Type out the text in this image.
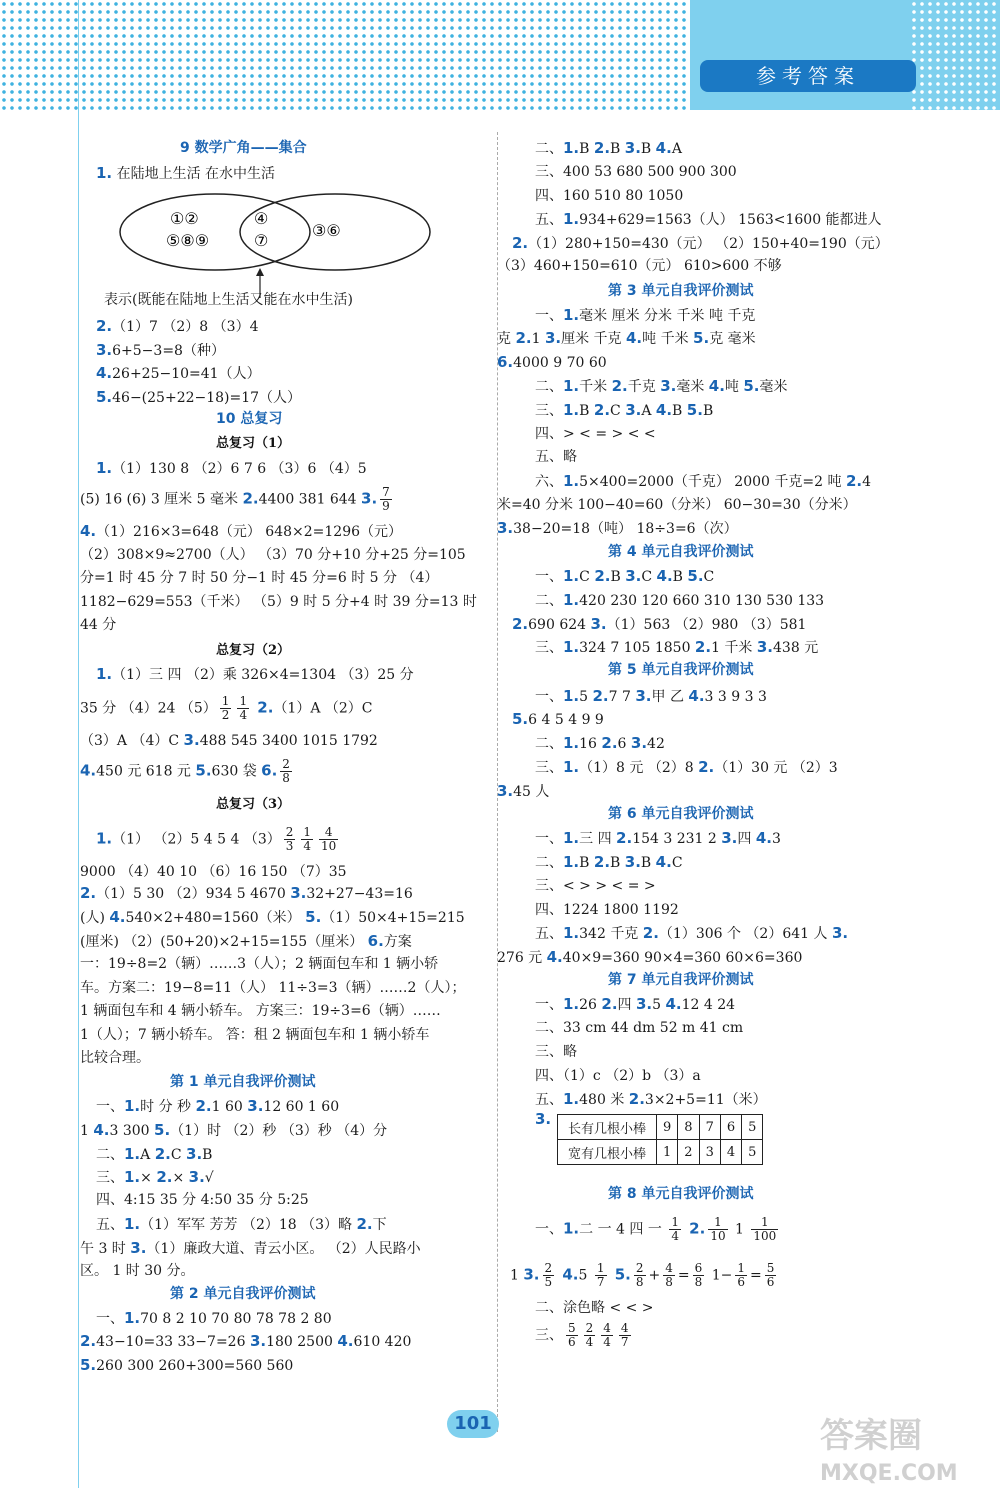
参考答案
9 数学广角——集合
1. 在陆地上生活 在水中生活
表示(既能在陆地上生活又能在水中生活)
2.（1）7 （2）8 （3）4
3.6+5−3=8（种）
4.26+25−10=41（人）
5.46−(25+22−18)=17（人）
10 总复习
总复习（1）
1.（1）130 8 （2）6 7 6 （3）6 （4）5
(5) 16 (6) 3 厘米 5 毫米 2.4400 381 644 3. $\frac{7}{9}$
4.（1）216×3=648（元） 648×2=1296（元）
（2）308×9≈2700（人） （3）70 分+10 分+25 分=105
分=1 时 45 分 7 时 50 分−1 时 45 分=6 时 5 分 （4）
1182−629=553（千米） （5）9 时 5 分+4 时 39 分=13 时
44 分
总复习（2）
1.（1）三 四 （2）乘 326×4=1304 （3）25 分
35 分 （4）24 $(5) \frac{1}{2} \frac{1}{4} 2.(1)A$ （2）C
（3）A （4）C 3.488 545 3400 1015 1792
4.450 元 618 元 5.630 袋 6. $\frac{2}{8}$
总复习（3）
1.（1） （2）5 4 5 4 $(3) \frac{2}{3} \frac{1}{4} \frac{4}{10}$
9000 （4）40 10 （6）16 150 （7）35
2.（1）5 30 （2）934 5 4670 3.32+27−43=16
(人) 4.540×2+480=1560（米） 5.（1）50×4+15=215
(厘米) （2）(50+20)×2+15=155（厘米） 6.方案
一：19÷8=2（辆）……3（人）；2 辆面包车和 1 辆小轿
车。方案二：19−8=11（人） 11÷3=3（辆）……2（人）；
1 辆面包车和 4 辆小轿车。 方案三：19÷3=6（辆）……
1（人）；7 辆小轿车。 答：租 2 辆面包车和 1 辆小轿车
比较合理。
第 1 单元自我评价测试
一、1.时 分 秒 2.1 60 3.12 60 1 60
1 4.3 300 5.（1）时 （2）秒 （3）秒 （4）分
二、1.A 2.C 3.B
三、1.× 2.× 3.√
四、4:15 35 分 4:50 35 分 5:25
五、1.（1）军军 芳芳 （2）18 （3）略 2.下
午 3 时 3.（1）廉政大道、青云小区。 （2）人民路小
区。 1 时 30 分。
第 2 单元自我评价测试
一、1.70 8 2 10 70 80 78 78 2 80
2.43−10=33 33−7=26 3.180 2500 4.610 420
5.260 300 260+300=560 560
二、1.B 2.B 3.B 4.A
三、400 53 680 500 900 300
四、160 510 80 1050
五、1.934+629=1563（人） 1563<1600 能都进人
2.（1）280+150=430（元） （2）150+40=190（元）
（3）460+150=610（元） 610>600 不够
第 3 单元自我评价测试
一、1.毫米 厘米 分米 千米 吨 千克
克 2.1 3.厘米 千克 4.吨 千米 5.克 毫米
6.4000 9 70 60
二、1.千米 2.千克 3.毫米 4.吨 5.毫米
三、1.B 2.C 3.A 4.B 5.B
四、> < = > < <
五、略
六、1.5×400=2000（千克） 2000 千克=2 吨 2.4
米=40 分米 100−40=60（分米） 60−30=30（分米）
3.38−20=18（吨） 18÷3=6（次）
第 4 单元自我评价测试
一、1.C 2.B 3.C 4.B 5.C
二、1.420 230 120 660 310 130 530 133
2.690 624 3.（1）563 （2）980 （3）581
三、1.324 7 105 1850 2.1 千米 3.438 元
第 5 单元自我评价测试
一、1.5 2.7 7 3.甲 乙 4.3 3 9 3 3
5.6 4 5 4 9 9
二、1.16 2.6 3.42
三、1.（1）8 元 （2）8 2.（1）30 元 （2）3
3.45 人
第 6 单元自我评价测试
一、1.三 四 2.154 3 231 2 3.四 4.3
二、1.B 2.B 3.B 4.C
三、< > > < = >
四、1224 1800 1192
五、1.342 千克 2.（1）306 个 （2）641 人 3.
276 元 4.40×9=360 90×4=360 60×6=360
第 7 单元自我评价测试
一、1.26 2.四 3.5 4.12 4 24
二、33 cm 44 dm 52 m 41 cm
三、略
四、（1）c （2）b （3）a
五、1.480 米 2.3×2+5=11（米）
3.
第 8 单元自我评价测试
一、1.二 一 4 四 一 $\frac{1}{4} 2$. $\frac{1}{10} 1 \frac{1}{100}$
1 3. $\frac{2}{5} 4.5 \frac{1}{7} 5$. $\frac{2}{8} + \frac{4}{8} = \frac{6}{8} 1- \frac{1}{6} = \frac{5}{6}$
二、涂色略 < < >
三、 $\frac{5}{6} \frac{2}{4} \frac{4}{4} \frac{4}{7}$
①②
⑤⑧⑨
④
⑦
③⑥
长有几根小棒	9	8	7	6	5
宽有几根小棒	1	2	3	4	5
101	答案圈
MXQE.COM
